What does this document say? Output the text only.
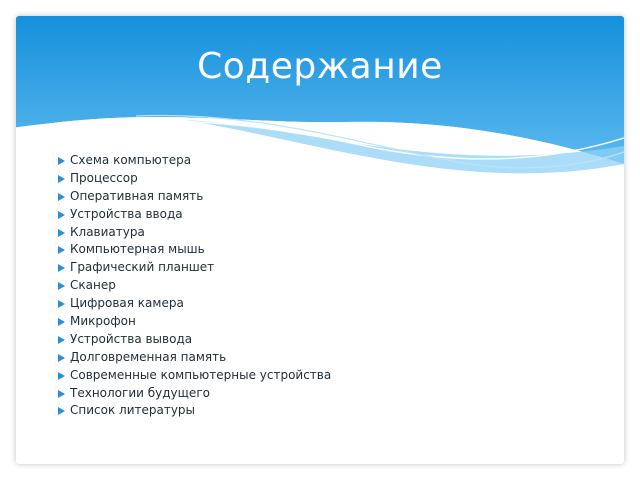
Содержание
Схема компьютера
Процессор
Оперативная память
Устройства ввода
Клавиатура
Компьютерная мышь
Графический планшет
Сканер
Цифровая камера
Микрофон
Устройства вывода
Долговременная память
Современные компьютерные устройства
Технологии будущего
Список литературы
